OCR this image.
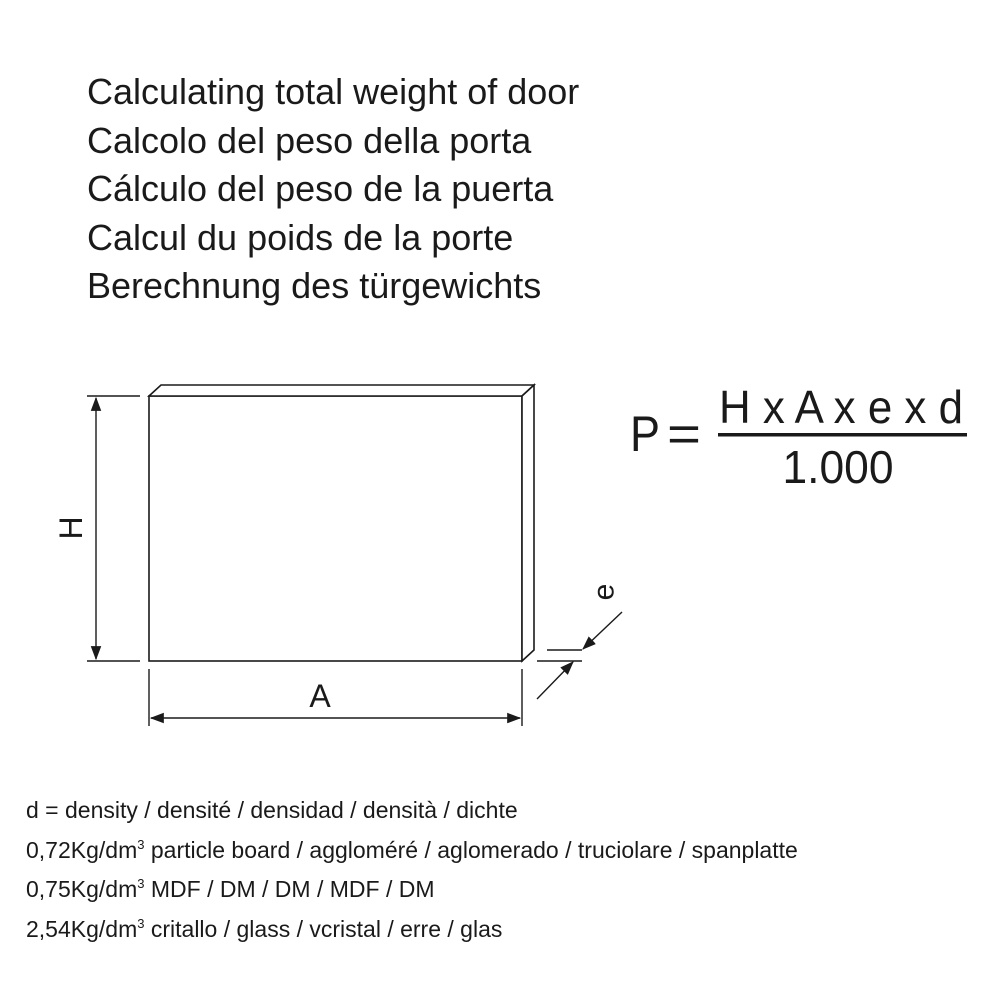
Calculating total weight of door
Calcolo del peso della porta
Cálculo del peso de la puerta
Calcul du poids de la porte
Berechnung des türgewichts
H
A
e
P = H x A x e x d
1.000
d = density / densité / densidad / densità / dichte
$0,72Kg/dm^3$ particle board / aggloméré / aglomerado / truciolare / spanplatte
$0,75Kg/dm^3$ MDF / DM / DM / MDF / DM
$2,54Kg/dm^3$ critallo / glass / vcristal / erre / glas
